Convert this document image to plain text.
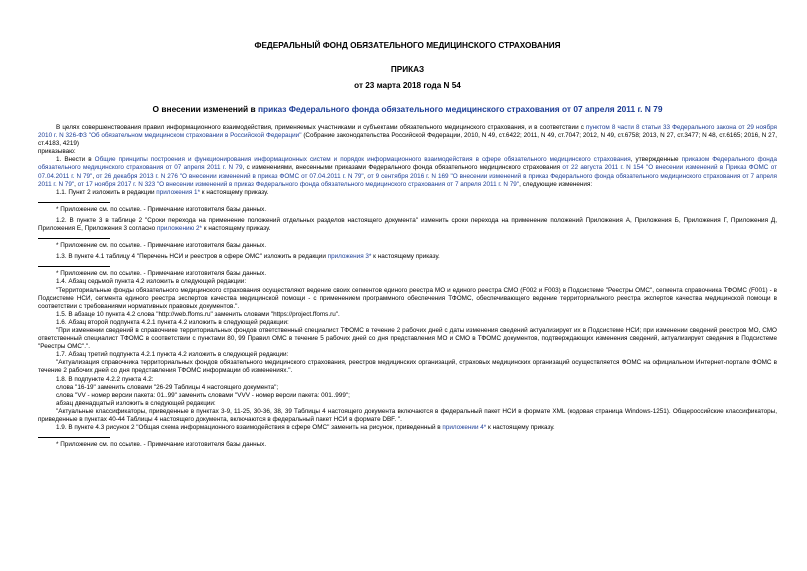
ФЕДЕРАЛЬНЫЙ ФОНД ОБЯЗАТЕЛЬНОГО МЕДИЦИНСКОГО СТРАХОВАНИЯ
ПРИКАЗ
от 23 марта 2018 года N 54
О внесении изменений в приказ Федерального фонда обязательного медицинского страхования от 07 апреля 2011 г. N 79

В целях совершенствования правил информационного взаимодействия, применяемых участниками и субъектами обязательного медицинского страхования, и в соответствии с пунктом 8 части 8 статьи 33 Федерального закона от 29 ноября 2010 г. N 326-ФЗ "Об обязательном медицинском страховании в Российской Федерации" (Собрание законодательства Российской Федерации, 2010, N 49, ст.6422; 2011, N 49, ст.7047; 2012, N 49, ст.6758; 2013, N 27, ст.3477; N 48, ст.6165; 2016, N 27, ст.4183, 4219)

приказываю:

1. Внести в Общие принципы построения и функционирования информационных систем и порядок информационного взаимодействия в сфере обязательного медицинского страхования, утвержденные приказом Федерального фонда обязательного медицинского страхования от 07 апреля 2011 г. N 79, с изменениями, внесенными приказами Федерального фонда обязательного медицинского страхования от 22 августа 2011 г. N 154 "О внесении изменений в Приказ ФОМС от 07.04.2011 г. N 79", от 26 декабря 2013 г. N 276 "О внесении изменений в приказ ФОМС от 07.04.2011 г. N 79", от 9 сентября 2016 г. N 169 "О внесении изменений в приказ Федерального фонда обязательного медицинского страхования от 7 апреля 2011 г. N 79", от 17 ноября 2017 г. N 323 "О внесении изменений в приказ Федерального фонда обязательного медицинского страхования от 7 апреля 2011 г. N 79", следующие изменения:

1.1. Пункт 2 изложить в редакции приложения 1* к настоящему приказу.

* Приложение см. по ссылке. - Примечание изготовителя базы данных.

1.2. В пункте 3 в таблице 2 "Сроки перехода на применение положений отдельных разделов настоящего документа" изменить сроки перехода на применение положений Приложения А, Приложения Б, Приложения Г, Приложения Д, Приложения Е, Приложения 3 согласно приложению 2* к настоящему приказу.

* Приложение см. по ссылке. - Примечание изготовителя базы данных.

1.3. В пункте 4.1 таблицу 4 "Перечень НСИ и реестров в сфере ОМС" изложить в редакции приложения 3* к настоящему приказу.

* Приложение см. по ссылке. - Примечание изготовителя базы данных.

1.4. Абзац седьмой пункта 4.2 изложить в следующей редакции:

"Территориальные фонды обязательного медицинского страхования осуществляют ведение своих сегментов единого реестра МО и единого реестра СМО (F002 и F003) в Подсистеме "Реестры ОМС", сегмента справочника ТФОМС (F001) - в Подсистеме НСИ, сегмента единого реестра экспертов качества медицинской помощи - с применением программного обеспечения ТФОМС, обеспечивающего ведение территориального реестра экспертов качества медицинской помощи в соответствии с требованиями нормативных правовых документов.".

1.5. В абзаце 10 пункта 4.2 слова "http://web.ffoms.ru" заменить словами "https://project.ffoms.ru".

1.6. Абзац второй подпункта 4.2.1 пункта 4.2 изложить в следующей редакции:

"При изменении сведений в справочнике территориальных фондов ответственный специалист ТФОМС в течение 2 рабочих дней с даты изменения сведений актуализирует их в Подсистеме НСИ; при изменении сведений реестров МО, СМО ответственный специалист ТФОМС в соответствии с пунктами 80, 99 Правил ОМС в течение 5 рабочих дней со дня представления МО и СМО в ТФОМС документов, подтверждающих изменения сведений, актуализирует сведения в Подсистеме "Реестры ОМС".".

1.7. Абзац третий подпункта 4.2.1 пункта 4.2 изложить в следующей редакции:

"Актуализация справочника территориальных фондов обязательного медицинского страхования, реестров медицинских организаций, страховых медицинских организаций осуществляется ФОМС на официальном Интернет-портале ФОМС в течение 2 рабочих дней со дня представления ТФОМС информации об изменениях.".

1.8. В подпункте 4.2.2 пункта 4.2:

слова "16-19" заменить словами "26-29 Таблицы 4 настоящего документа";

слова "VV - номер версии пакета: 01..99" заменить словами "VVV - номер версии пакета: 001..999";

абзац двенадцатый изложить в следующей редакции:

"Актуальные классификаторы, приведенные в пунктах 3-9, 11-25, 30-36, 38, 39 Таблицы 4 настоящего документа включаются в федеральный пакет НСИ в формате XML (кодовая страница Windows-1251). Общероссийские классификаторы, приведенные в пунктах 40-44 Таблицы 4 настоящего документа, включаются в федеральный пакет НСИ в формате DBF. ".

1.9. В пункте 4.3 рисунок 2 "Общая схема информационного взаимодействия в сфере ОМС" заменить на рисунок, приведенный в приложении 4* к настоящему приказу.

* Приложение см. по ссылке. - Примечание изготовителя базы данных.
